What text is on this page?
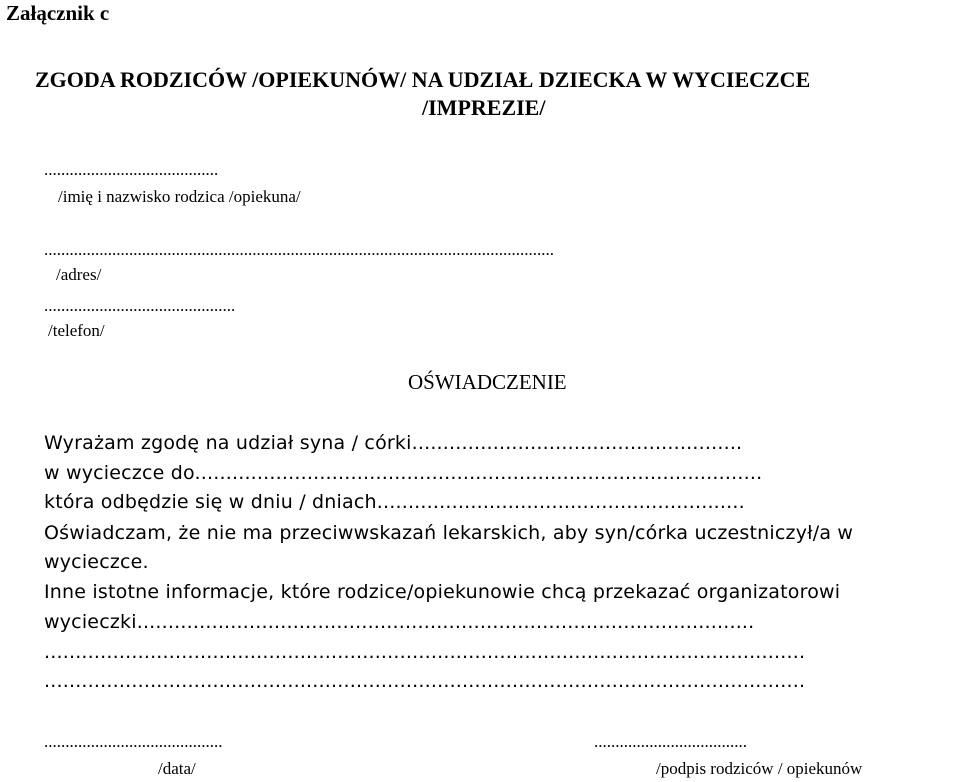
Załącznik c
ZGODA RODZICÓW /OPIEKUNÓW/ NA UDZIAŁ DZIECKA W WYCIECZCE
/IMPREZIE/
.........................................
/imię i nazwisko rodzica /opiekuna/
........................................................................................................................
/adres/
.............................................
/telefon/
OŚWIADCZENIE
Wyrażam zgodę na udział syna / córki.....................................................
w wycieczce do...........................................................................................
która odbędzie się w dniu / dniach...........................................................
Oświadczam, że nie ma przeciwwskazań lekarskich, aby syn/córka uczestniczył/a w
wycieczce.
Inne istotne informacje, które rodzice/opiekunowie chcą przekazać organizatorowi
wycieczki...................................................................................................
..........................................................................................................................
..........................................................................................................................
..........................................	....................................
/data/	/podpis rodziców / opiekunów
